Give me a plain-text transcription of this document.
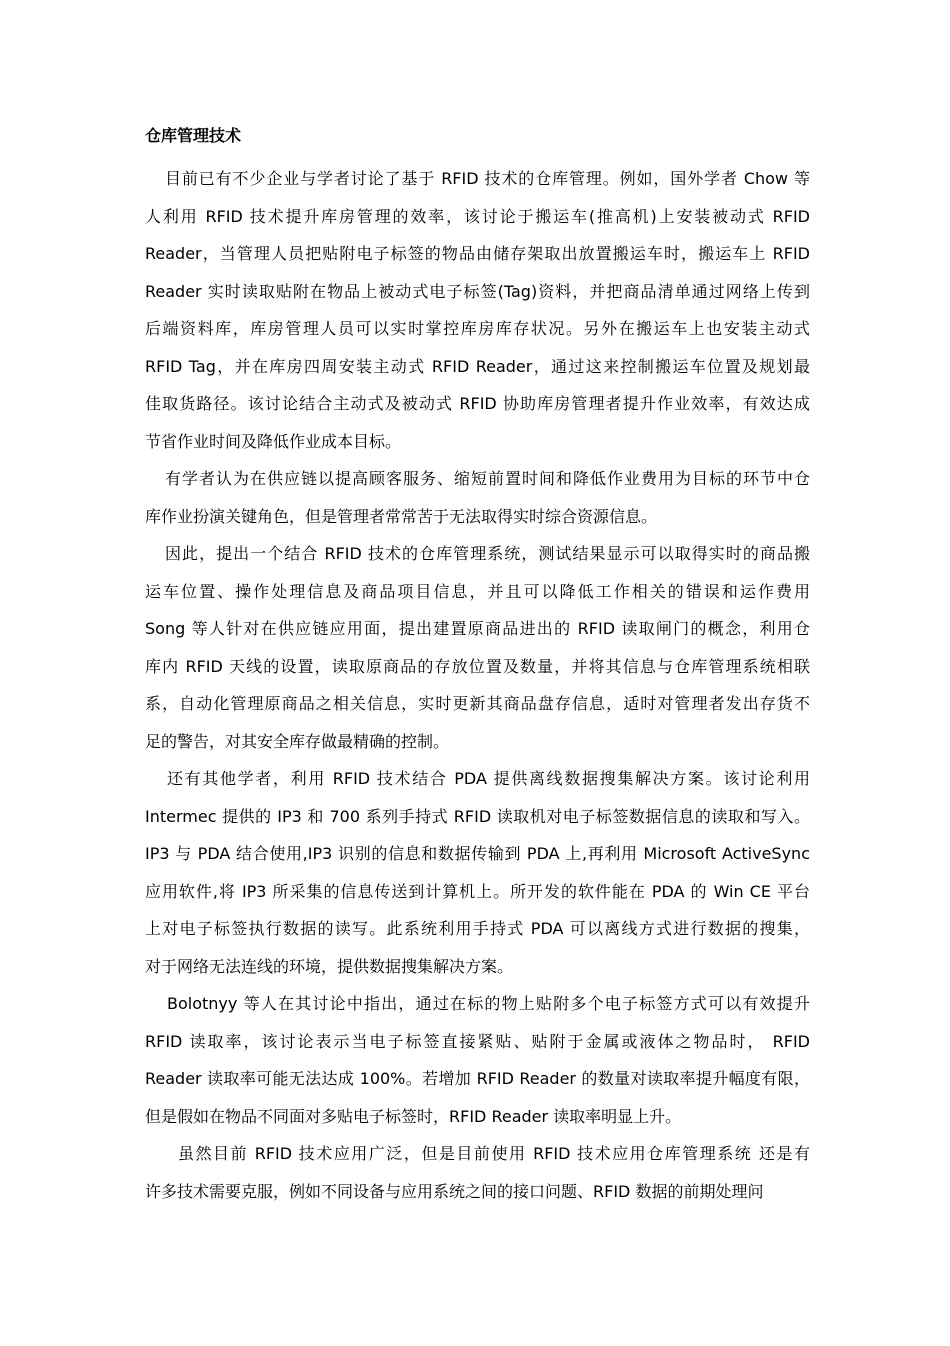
仓库管理技术
目前已有不少企业与学者讨论了基于 RFID 技术的仓库管理。例如，国外学者 Chow 等
人利用 RFID 技术提升库房管理的效率，该讨论于搬运车(推高机)上安装被动式 RFID
Reader，当管理人员把贴附电子标签的物品由储存架取出放置搬运车时，搬运车上 RFID
Reader 实时读取贴附在物品上被动式电子标签(Tag)资料，并把商品清单通过网络上传到
后端资料库，库房管理人员可以实时掌控库房库存状况。另外在搬运车上也安装主动式
RFID Tag，并在库房四周安装主动式 RFID Reader，通过这来控制搬运车位置及规划最
佳取货路径。该讨论结合主动式及被动式 RFID 协助库房管理者提升作业效率，有效达成
节省作业时间及降低作业成本目标。
有学者认为在供应链以提高顾客服务、缩短前置时间和降低作业费用为目标的环节中仓
库作业扮演关键角色，但是管理者常常苦于无法取得实时综合资源信息。
因此，提出一个结合 RFID 技术的仓库管理系统，测试结果显示可以取得实时的商品搬
运车位置、操作处理信息及商品项目信息，并且可以降低工作相关的错误和运作费用
Song 等人针对在供应链应用面，提出建置原商品进出的 RFID 读取闸门的概念，利用仓
库内 RFID 天线的设置，读取原商品的存放位置及数量，并将其信息与仓库管理系统相联
系，自动化管理原商品之相关信息，实时更新其商品盘存信息，适时对管理者发出存货不
足的警告，对其安全库存做最精确的控制。
还有其他学者，利用 RFID 技术结合 PDA 提供离线数据搜集解决方案。该讨论利用
Intermec 提供的 IP3 和 700 系列手持式 RFID 读取机对电子标签数据信息的读取和写入。
IP3 与 PDA 结合使用,IP3 识别的信息和数据传输到 PDA 上,再利用 Microsoft ActiveSync
应用软件,将 IP3 所采集的信息传送到计算机上。所开发的软件能在 PDA 的 Win CE 平台
上对电子标签执行数据的读写。此系统利用手持式 PDA 可以离线方式进行数据的搜集，
对于网络无法连线的环境，提供数据搜集解决方案。
Bolotnyy 等人在其讨论中指出，通过在标的物上贴附多个电子标签方式可以有效提升
RFID 读取率，该讨论表示当电子标签直接紧贴、贴附于金属或液体之物品时， RFID
Reader 读取率可能无法达成 100%。若增加 RFID Reader 的数量对读取率提升幅度有限，
但是假如在物品不同面对多贴电子标签时，RFID Reader 读取率明显上升。
虽然目前 RFID 技术应用广泛，但是目前使用 RFID 技术应用仓库管理系统 还是有
许多技术需要克服，例如不同设备与应用系统之间的接口问题、RFID 数据的前期处理问
